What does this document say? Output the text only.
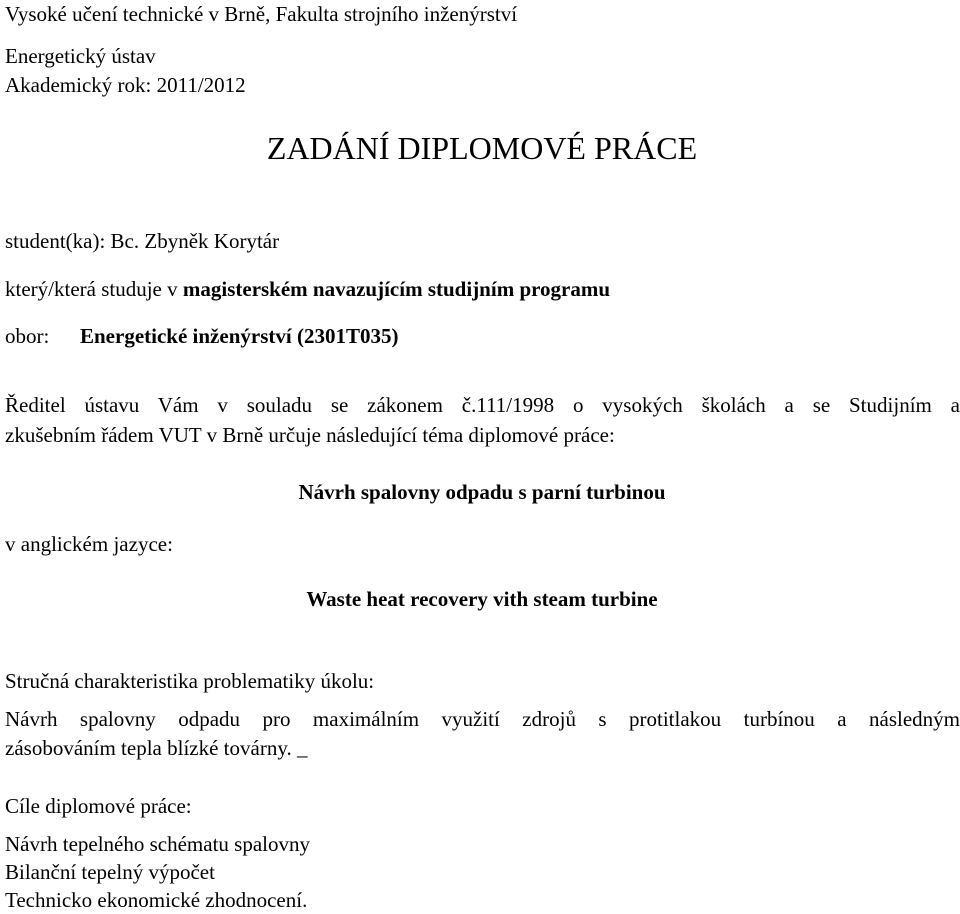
Vysoké učení technické v Brně, Fakulta strojního inženýrství
Energetický ústav
Akademický rok: 2011/2012
ZADÁNÍ DIPLOMOVÉ PRÁCE
student(ka): Bc. Zbyněk Korytár
který/která studuje v magisterském navazujícím studijním programu
obor: Energetické inženýrství (2301T035)
Ředitel ústavu Vám v souladu se zákonem č.111/1998 o vysokých školách a se Studijním a
zkušebním řádem VUT v Brně určuje následující téma diplomové práce:
Návrh spalovny odpadu s parní turbinou
v anglickém jazyce:
Waste heat recovery vith steam turbine
Stručná charakteristika problematiky úkolu:
Návrh spalovny odpadu pro maximálním využití zdrojů s protitlakou turbínou a následným
zásobováním tepla blízké továrny. _
Cíle diplomové práce:
Návrh tepelného schématu spalovny
Bilanční tepelný výpočet
Technicko ekonomické zhodnocení.
